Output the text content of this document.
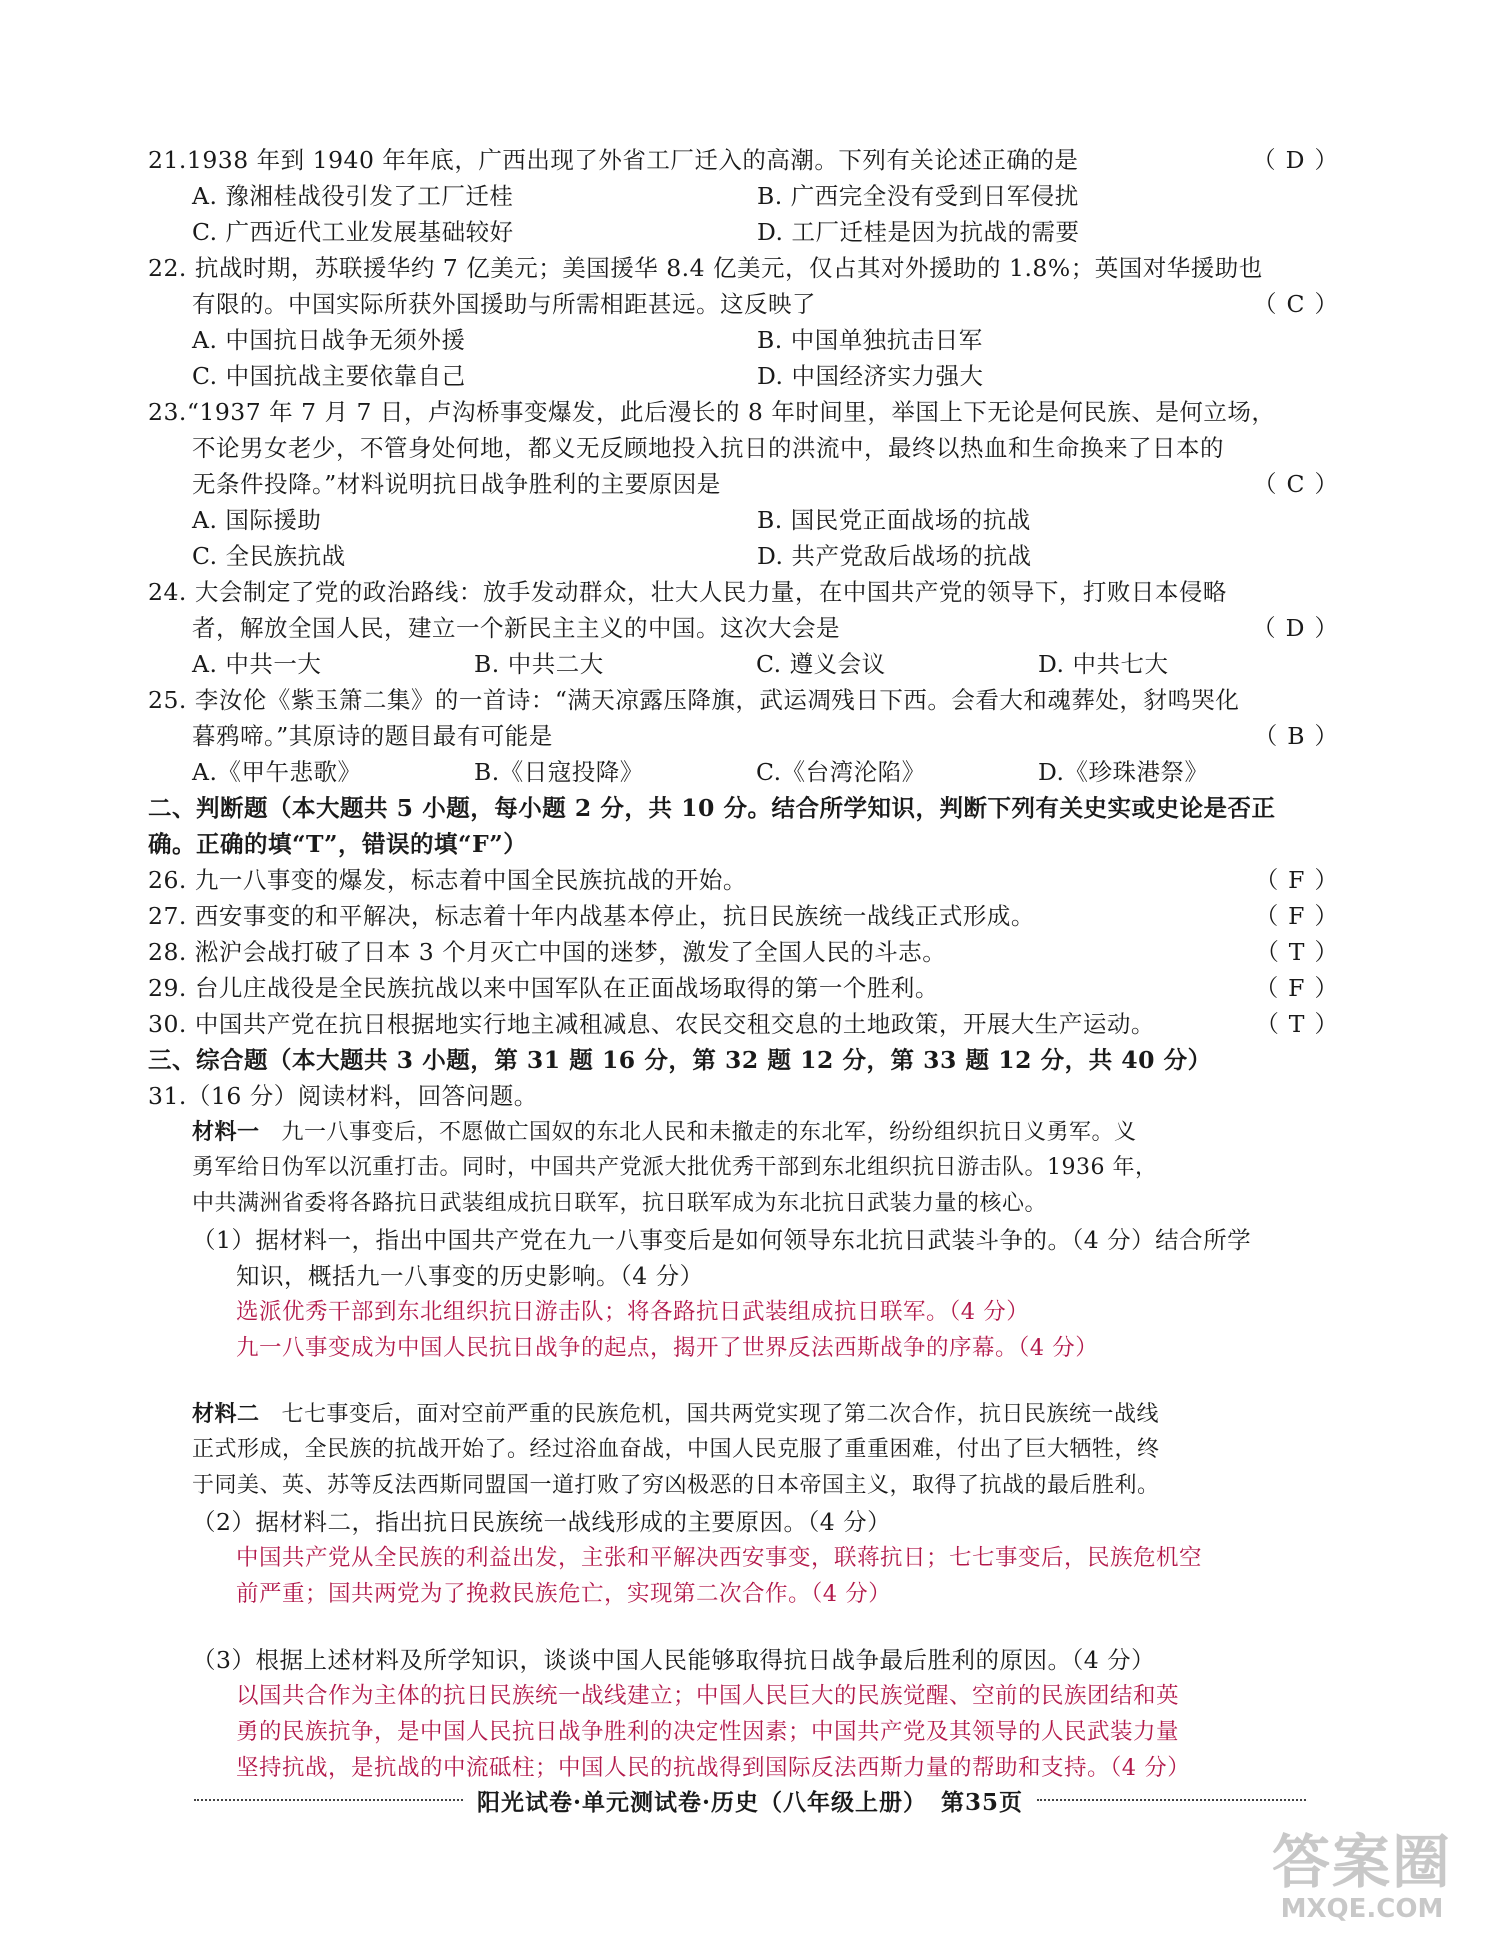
21.1938 年到 1940 年年底，广西出现了外省工厂迁入的高潮。下列有关论述正确的是	（D）
A. 豫湘桂战役引发了工厂迁桂	B. 广西完全没有受到日军侵扰
C. 广西近代工业发展基础较好	D. 工厂迁桂是因为抗战的需要
22. 抗战时期，苏联援华约 7 亿美元；美国援华 8.4 亿美元，仅占其对外援助的 1.8%；英国对华援助也
有限的。中国实际所获外国援助与所需相距甚远。这反映了	（C）
A. 中国抗日战争无须外援	B. 中国单独抗击日军
C. 中国抗战主要依靠自己	D. 中国经济实力强大
23.“1937 年 7 月 7 日，卢沟桥事变爆发，此后漫长的 8 年时间里，举国上下无论是何民族、是何立场，
不论男女老少，不管身处何地，都义无反顾地投入抗日的洪流中，最终以热血和生命换来了日本的
无条件投降。”材料说明抗日战争胜利的主要原因是	（C）
A. 国际援助	B. 国民党正面战场的抗战
C. 全民族抗战	D. 共产党敌后战场的抗战
24. 大会制定了党的政治路线：放手发动群众，壮大人民力量，在中国共产党的领导下，打败日本侵略
者，解放全国人民，建立一个新民主主义的中国。这次大会是	（D）
A. 中共一大	B. 中共二大	C. 遵义会议	D. 中共七大
25. 李汝伦《紫玉箫二集》的一首诗：“满天凉露压降旗，武运凋残日下西。会看大和魂葬处，豺鸣哭化
暮鸦啼。”其原诗的题目最有可能是	（B）
A.《甲午悲歌》	B.《日寇投降》	C.《台湾沦陷》	D.《珍珠港祭》
二、判断题（本大题共 5 小题，每小题 2 分，共 10 分。结合所学知识，判断下列有关史实或史论是否正
确。正确的填“T”，错误的填“F”）
26. 九一八事变的爆发，标志着中国全民族抗战的开始。	（F）
27. 西安事变的和平解决，标志着十年内战基本停止，抗日民族统一战线正式形成。	（F）
28. 淞沪会战打破了日本 3 个月灭亡中国的迷梦，激发了全国人民的斗志。	（T）
29. 台儿庄战役是全民族抗战以来中国军队在正面战场取得的第一个胜利。	（F）
30. 中国共产党在抗日根据地实行地主减租减息、农民交租交息的土地政策，开展大生产运动。	（T）
三、综合题（本大题共 3 小题，第 31 题 16 分，第 32 题 12 分，第 33 题 12 分，共 40 分）
31.（16 分）阅读材料，回答问题。
材料一 九一八事变后，不愿做亡国奴的东北人民和未撤走的东北军，纷纷组织抗日义勇军。义
勇军给日伪军以沉重打击。同时，中国共产党派大批优秀干部到东北组织抗日游击队。1936 年，
中共满洲省委将各路抗日武装组成抗日联军，抗日联军成为东北抗日武装力量的核心。
（1）据材料一，指出中国共产党在九一八事变后是如何领导东北抗日武装斗争的。（4 分）结合所学
知识，概括九一八事变的历史影响。（4 分）
选派优秀干部到东北组织抗日游击队；将各路抗日武装组成抗日联军。（4 分）
九一八事变成为中国人民抗日战争的起点，揭开了世界反法西斯战争的序幕。（4 分）
材料二 七七事变后，面对空前严重的民族危机，国共两党实现了第二次合作，抗日民族统一战线
正式形成，全民族的抗战开始了。经过浴血奋战，中国人民克服了重重困难，付出了巨大牺牲，终
于同美、英、苏等反法西斯同盟国一道打败了穷凶极恶的日本帝国主义，取得了抗战的最后胜利。
（2）据材料二，指出抗日民族统一战线形成的主要原因。（4 分）
中国共产党从全民族的利益出发，主张和平解决西安事变，联蒋抗日；七七事变后，民族危机空
前严重；国共两党为了挽救民族危亡，实现第二次合作。（4 分）
（3）根据上述材料及所学知识，谈谈中国人民能够取得抗日战争最后胜利的原因。（4 分）
以国共合作为主体的抗日民族统一战线建立；中国人民巨大的民族觉醒、空前的民族团结和英
勇的民族抗争，是中国人民抗日战争胜利的决定性因素；中国共产党及其领导的人民武装力量
坚持抗战，是抗战的中流砥柱；中国人民的抗战得到国际反法西斯力量的帮助和支持。（4 分）
阳光试卷·单元测试卷·历史（八年级上册） 第35页
答案圈
MXQE.COM
